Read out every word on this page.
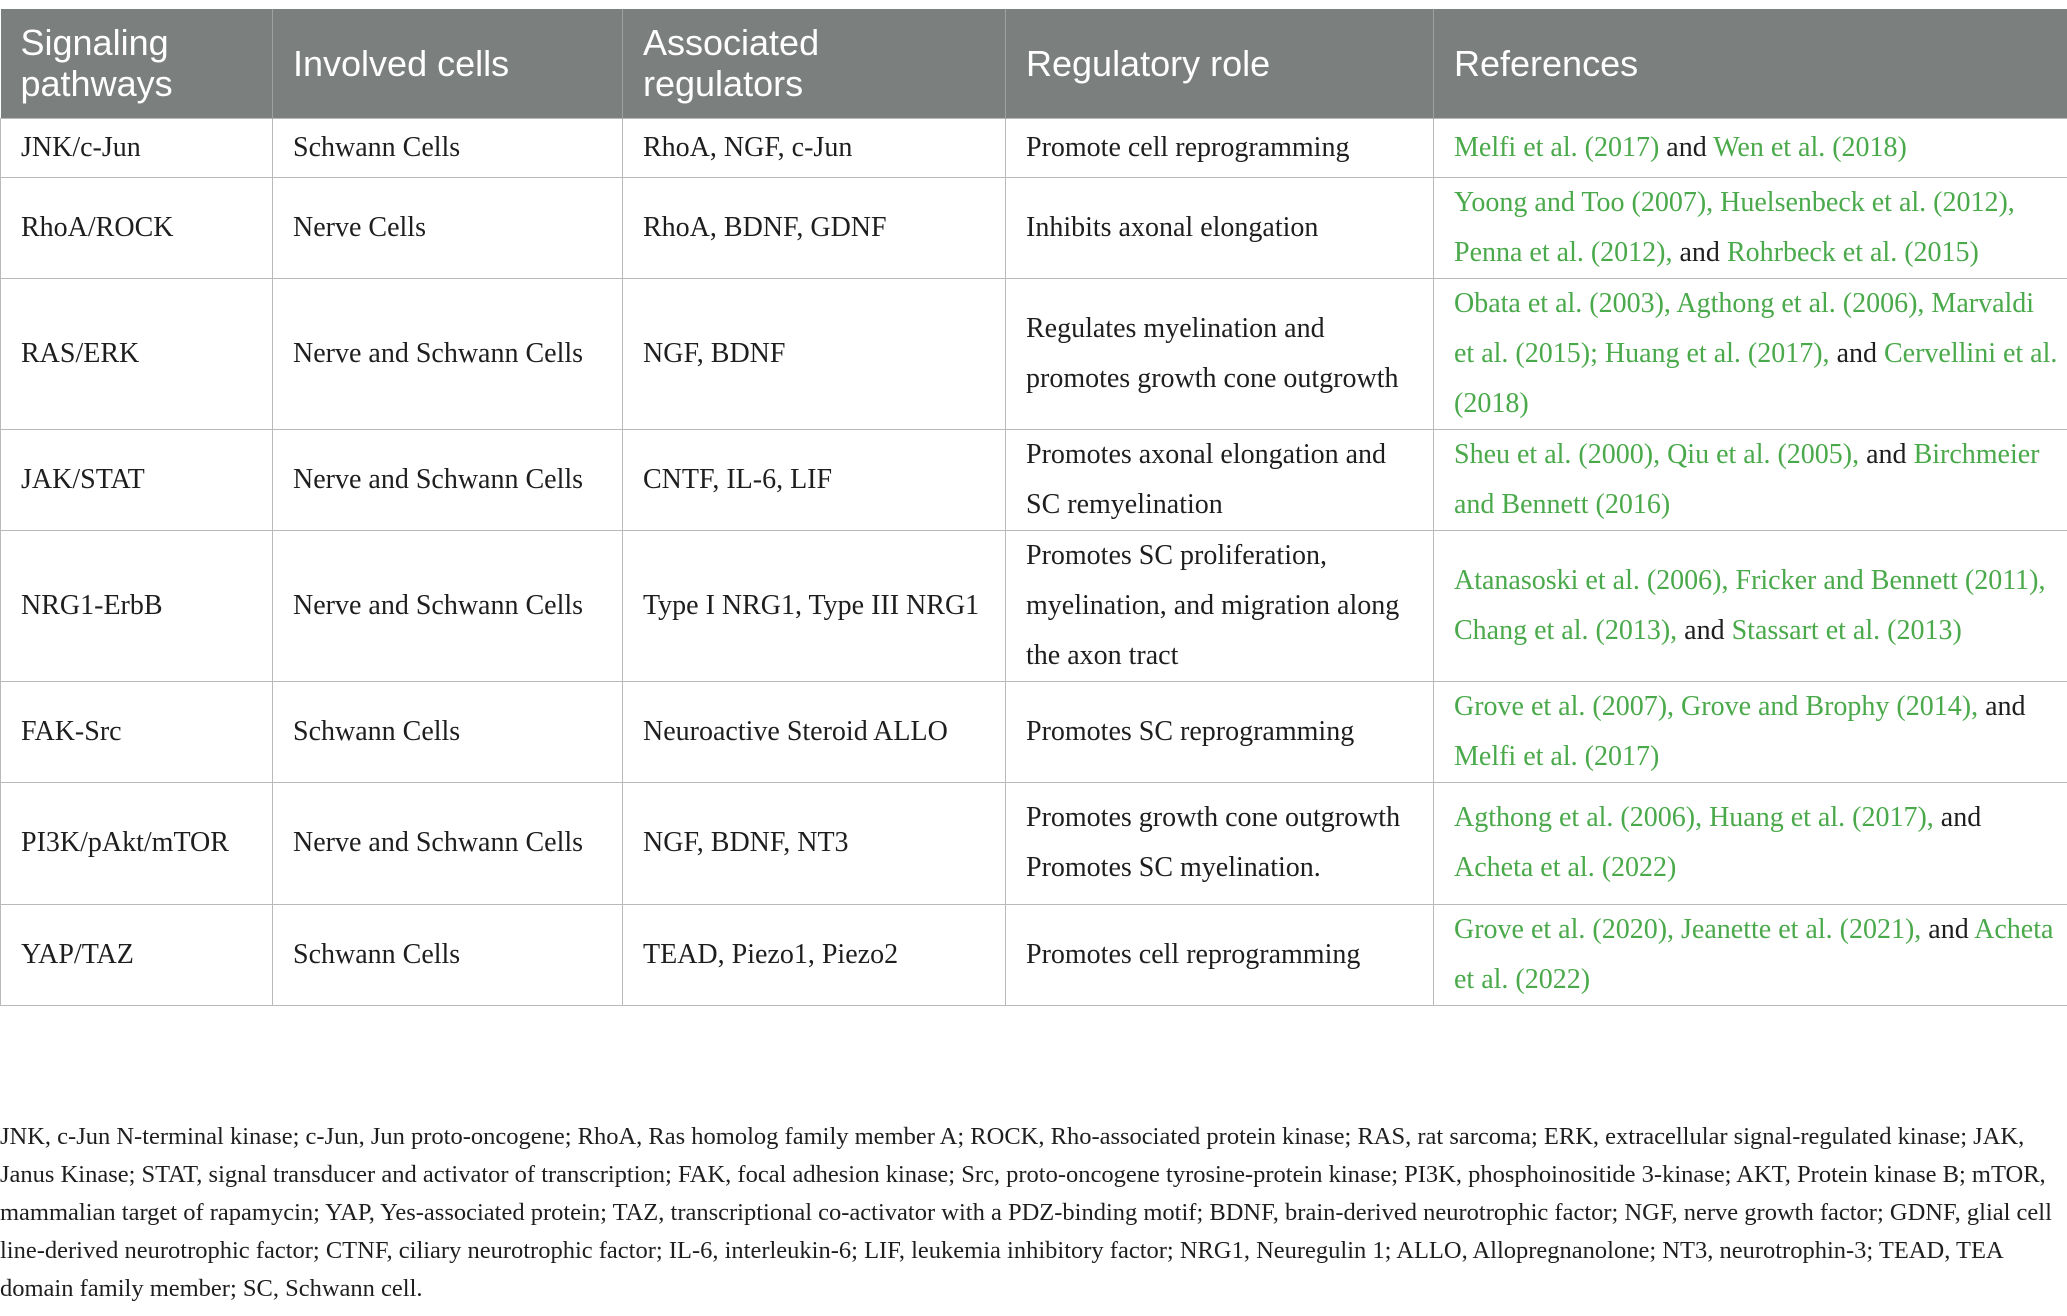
Signaling pathways	Involved cells	Associated regulators	Regulatory role	References
JNK/c-Jun	Schwann Cells	RhoA, NGF, c-Jun	Promote cell reprogramming	Melfi et al. (2017) and Wen et al. (2018)
RhoA/ROCK	Nerve Cells	RhoA, BDNF, GDNF	Inhibits axonal elongation	Yoong and Too (2007), Huelsenbeck et al. (2012), Penna et al. (2012), and Rohrbeck et al. (2015)
RAS/ERK	Nerve and Schwann Cells	NGF, BDNF	Regulates myelination and promotes growth cone outgrowth	Obata et al. (2003), Agthong et al. (2006), Marvaldi et al. (2015); Huang et al. (2017), and Cervellini et al. (2018)
JAK/STAT	Nerve and Schwann Cells	CNTF, IL-6, LIF	Promotes axonal elongation and SC remyelination	Sheu et al. (2000), Qiu et al. (2005), and Birchmeier and Bennett (2016)
NRG1-ErbB	Nerve and Schwann Cells	Type I NRG1, Type III NRG1	Promotes SC proliferation, myelination, and migration along the axon tract	Atanasoski et al. (2006), Fricker and Bennett (2011), Chang et al. (2013), and Stassart et al. (2013)
FAK-Src	Schwann Cells	Neuroactive Steroid ALLO	Promotes SC reprogramming	Grove et al. (2007), Grove and Brophy (2014), and Melfi et al. (2017)
PI3K/pAkt/mTOR	Nerve and Schwann Cells	NGF, BDNF, NT3	Promotes growth cone outgrowth Promotes SC myelination.	Agthong et al. (2006), Huang et al. (2017), and Acheta et al. (2022)
YAP/TAZ	Schwann Cells	TEAD, Piezo1, Piezo2	Promotes cell reprogramming	Grove et al. (2020), Jeanette et al. (2021), and Acheta et al. (2022)

JNK, c-Jun N-terminal kinase; c-Jun, Jun proto-oncogene; RhoA, Ras homolog family member A; ROCK, Rho-associated protein kinase; RAS, rat sarcoma; ERK, extracellular signal-regulated kinase; JAK, Janus Kinase; STAT, signal transducer and activator of transcription; FAK, focal adhesion kinase; Src, proto-oncogene tyrosine-protein kinase; PI3K, phosphoinositide 3-kinase; AKT, Protein kinase B; mTOR, mammalian target of rapamycin; YAP, Yes-associated protein; TAZ, transcriptional co-activator with a PDZ-binding motif; BDNF, brain-derived neurotrophic factor; NGF, nerve growth factor; GDNF, glial cell line-derived neurotrophic factor; CTNF, ciliary neurotrophic factor; IL-6, interleukin-6; LIF, leukemia inhibitory factor; NRG1, Neuregulin 1; ALLO, Allopregnanolone; NT3, neurotrophin-3; TEAD, TEA domain family member; SC, Schwann cell.
